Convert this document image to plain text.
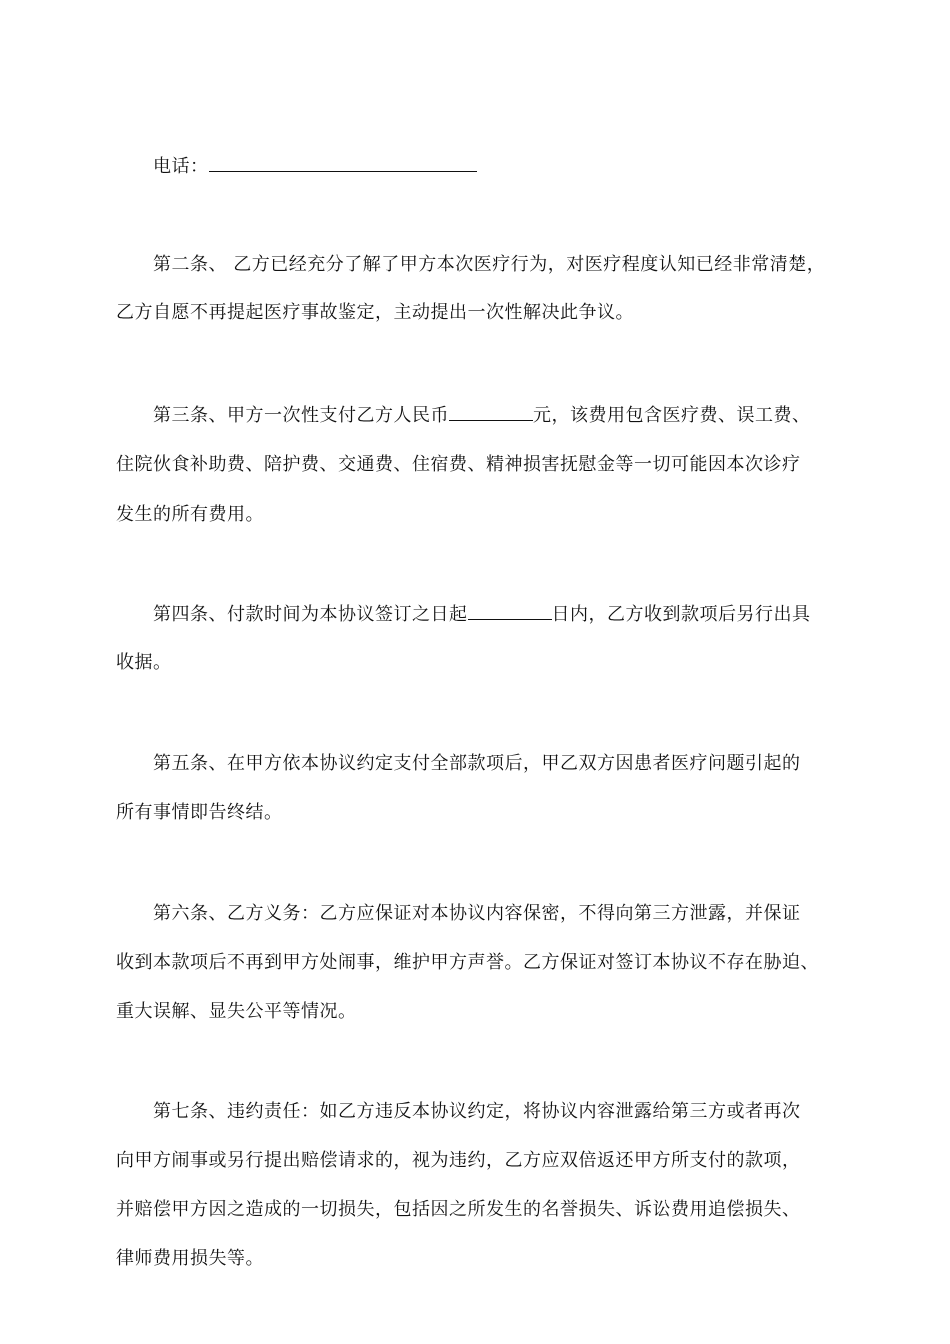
电话：
第二条、 乙方已经充分了解了甲方本次医疗行为，对医疗程度认知已经非常清楚，
乙方自愿不再提起医疗事故鉴定，主动提出一次性解决此争议。
第三条、甲方一次性支付乙方人民币	元，该费用包含医疗费、误工费、
住院伙食补助费、陪护费、交通费、住宿费、精神损害抚慰金等一切可能因本次诊疗
发生的所有费用。
第四条、付款时间为本协议签订之日起	日内，乙方收到款项后另行出具
收据。
第五条、在甲方依本协议约定支付全部款项后，甲乙双方因患者医疗问题引起的
所有事情即告终结。
第六条、乙方义务：乙方应保证对本协议内容保密，不得向第三方泄露，并保证
收到本款项后不再到甲方处闹事，维护甲方声誉。乙方保证对签订本协议不存在胁迫、
重大误解、显失公平等情况。
第七条、违约责任：如乙方违反本协议约定，将协议内容泄露给第三方或者再次
向甲方闹事或另行提出赔偿请求的，视为违约，乙方应双倍返还甲方所支付的款项，
并赔偿甲方因之造成的一切损失，包括因之所发生的名誉损失、诉讼费用追偿损失、
律师费用损失等。
